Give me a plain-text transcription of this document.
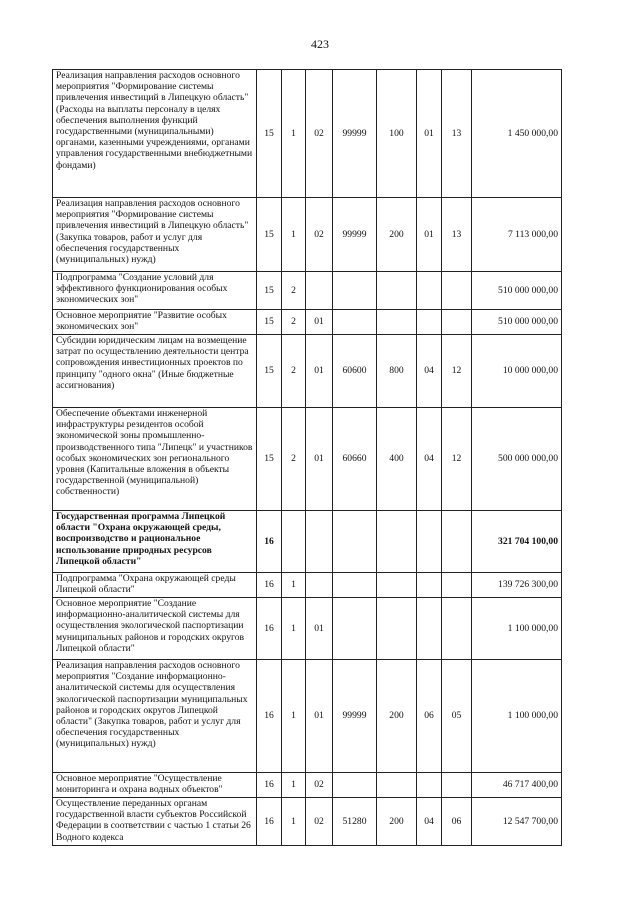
423
Реализация направления расходов основного мероприятия "Формирование системы привлечения инвестиций в Липецкую область" (Расходы на выплаты персоналу в целях обеспечения выполнения функций государственными (муниципальными) органами, казенными учреждениями, органами управления государственными внебюджетными фондами)	15	1	02	99999	100	01	13	1 450 000,00
Реализация направления расходов основного мероприятия "Формирование системы привлечения инвестиций в Липецкую область" (Закупка товаров, работ и услуг для обеспечения государственных (муниципальных) нужд)	15	1	02	99999	200	01	13	7 113 000,00
Подпрограмма "Создание условий для эффективного функционирования особых экономических зон"	15	2						510 000 000,00
Основное мероприятие "Развитие особых экономических зон"	15	2	01					510 000 000,00
Субсидии юридическим лицам на возмещение затрат по осуществлению деятельности центра сопровождения инвестиционных проектов по принципу "одного окна" (Иные бюджетные ассигнования)	15	2	01	60600	800	04	12	10 000 000,00
Обеспечение объектами инженерной инфраструктуры резидентов особой экономической зоны промышленно-производственного типа "Липецк" и участников особых экономических зон регионального уровня (Капитальные вложения в объекты государственной (муниципальной) собственности)	15	2	01	60660	400	04	12	500 000 000,00
Государственная программа Липецкой области "Охрана окружающей среды, воспроизводство и рациональное использование природных ресурсов Липецкой области"	16							321 704 100,00
Подпрограмма "Охрана окружающей среды Липецкой области"	16	1						139 726 300,00
Основное мероприятие "Создание информационно-аналитической системы для осуществления экологической паспортизации муниципальных районов и городских округов Липецкой области"	16	1	01					1 100 000,00
Реализация направления расходов основного мероприятия "Создание информационно-аналитической системы для осуществления экологической паспортизации муниципальных районов и городских округов Липецкой области" (Закупка товаров, работ и услуг для обеспечения государственных (муниципальных) нужд)	16	1	01	99999	200	06	05	1 100 000,00
Основное мероприятие "Осуществление мониторинга и охрана водных объектов"	16	1	02					46 717 400,00
Осуществление переданных органам государственной власти субъектов Российской Федерации в соответствии с частью 1 статьи 26 Водного кодекса	16	1	02	51280	200	04	06	12 547 700,00
